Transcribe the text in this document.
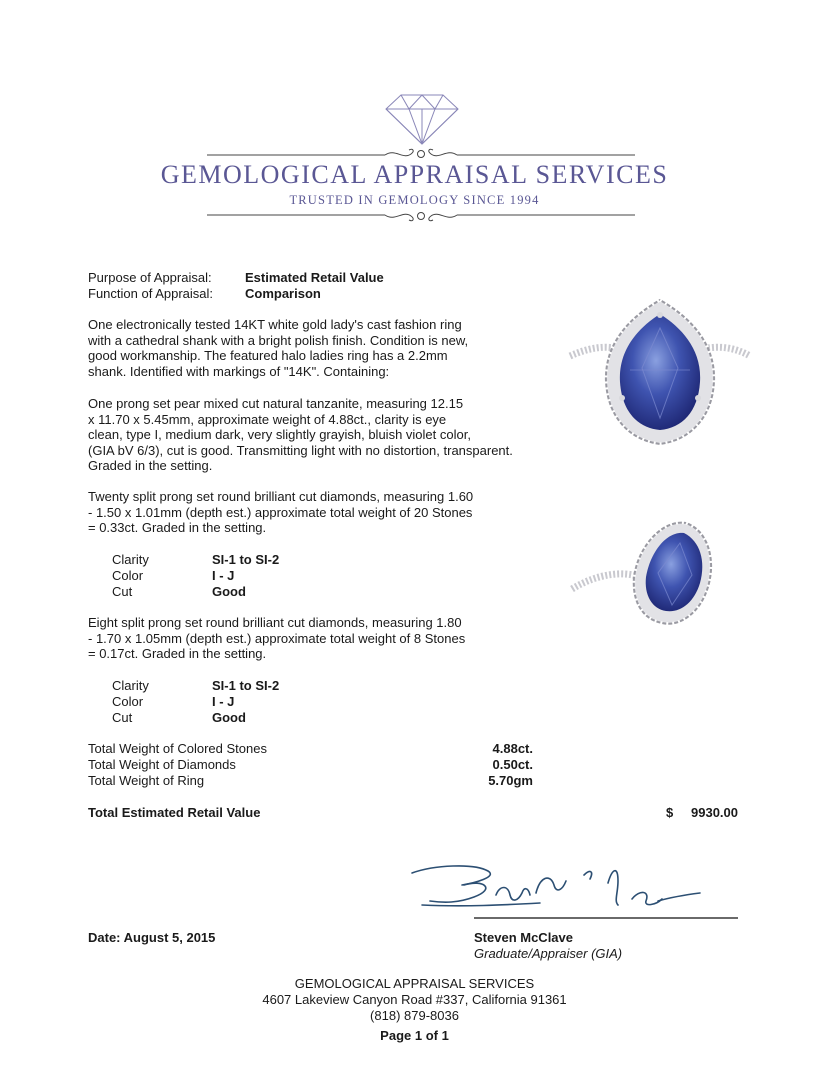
GEMOLOGICAL APPRAISAL SERVICES
TRUSTED IN GEMOLOGY SINCE 1994
Purpose of Appraisal:	Estimated Retail Value
Function of Appraisal: Comparison
One electronically tested 14KT white gold lady's cast fashion ring
with a cathedral shank with a bright polish finish. Condition is new,
good workmanship. The featured halo ladies ring has a 2.2mm
shank. Identified with markings of "14K". Containing:
One prong set pear mixed cut natural tanzanite, measuring 12.15
x 11.70 x 5.45mm, approximate weight of 4.88ct., clarity is eye
clean, type I, medium dark, very slightly grayish, bluish violet color,
(GIA bV 6/3), cut is good. Transmitting light with no distortion, transparent.
Graded in the setting.
Twenty split prong set round brilliant cut diamonds, measuring 1.60
- 1.50 x 1.01mm (depth est.) approximate total weight of 20 Stones
= 0.33ct. Graded in the setting.
Clarity	SI-1 to SI-2
Color	I - J
Cut	Good
Eight split prong set round brilliant cut diamonds, measuring 1.80
- 1.70 x 1.05mm (depth est.) approximate total weight of 8 Stones
= 0.17ct. Graded in the setting.
Clarity	SI-1 to SI-2
Color	I - J
Cut	Good
Total Weight of Colored Stones	4.88ct.
Total Weight of Diamonds	0.50ct.
Total Weight of Ring	5.70gm
Total Estimated Retail Value	$	9930.00
Date: August 5, 2015	Steven McClave
Graduate/Appraiser (GIA)
GEMOLOGICAL APPRAISAL SERVICES
4607 Lakeview Canyon Road #337, California 91361
(818) 879-8036
Page 1 of 1
